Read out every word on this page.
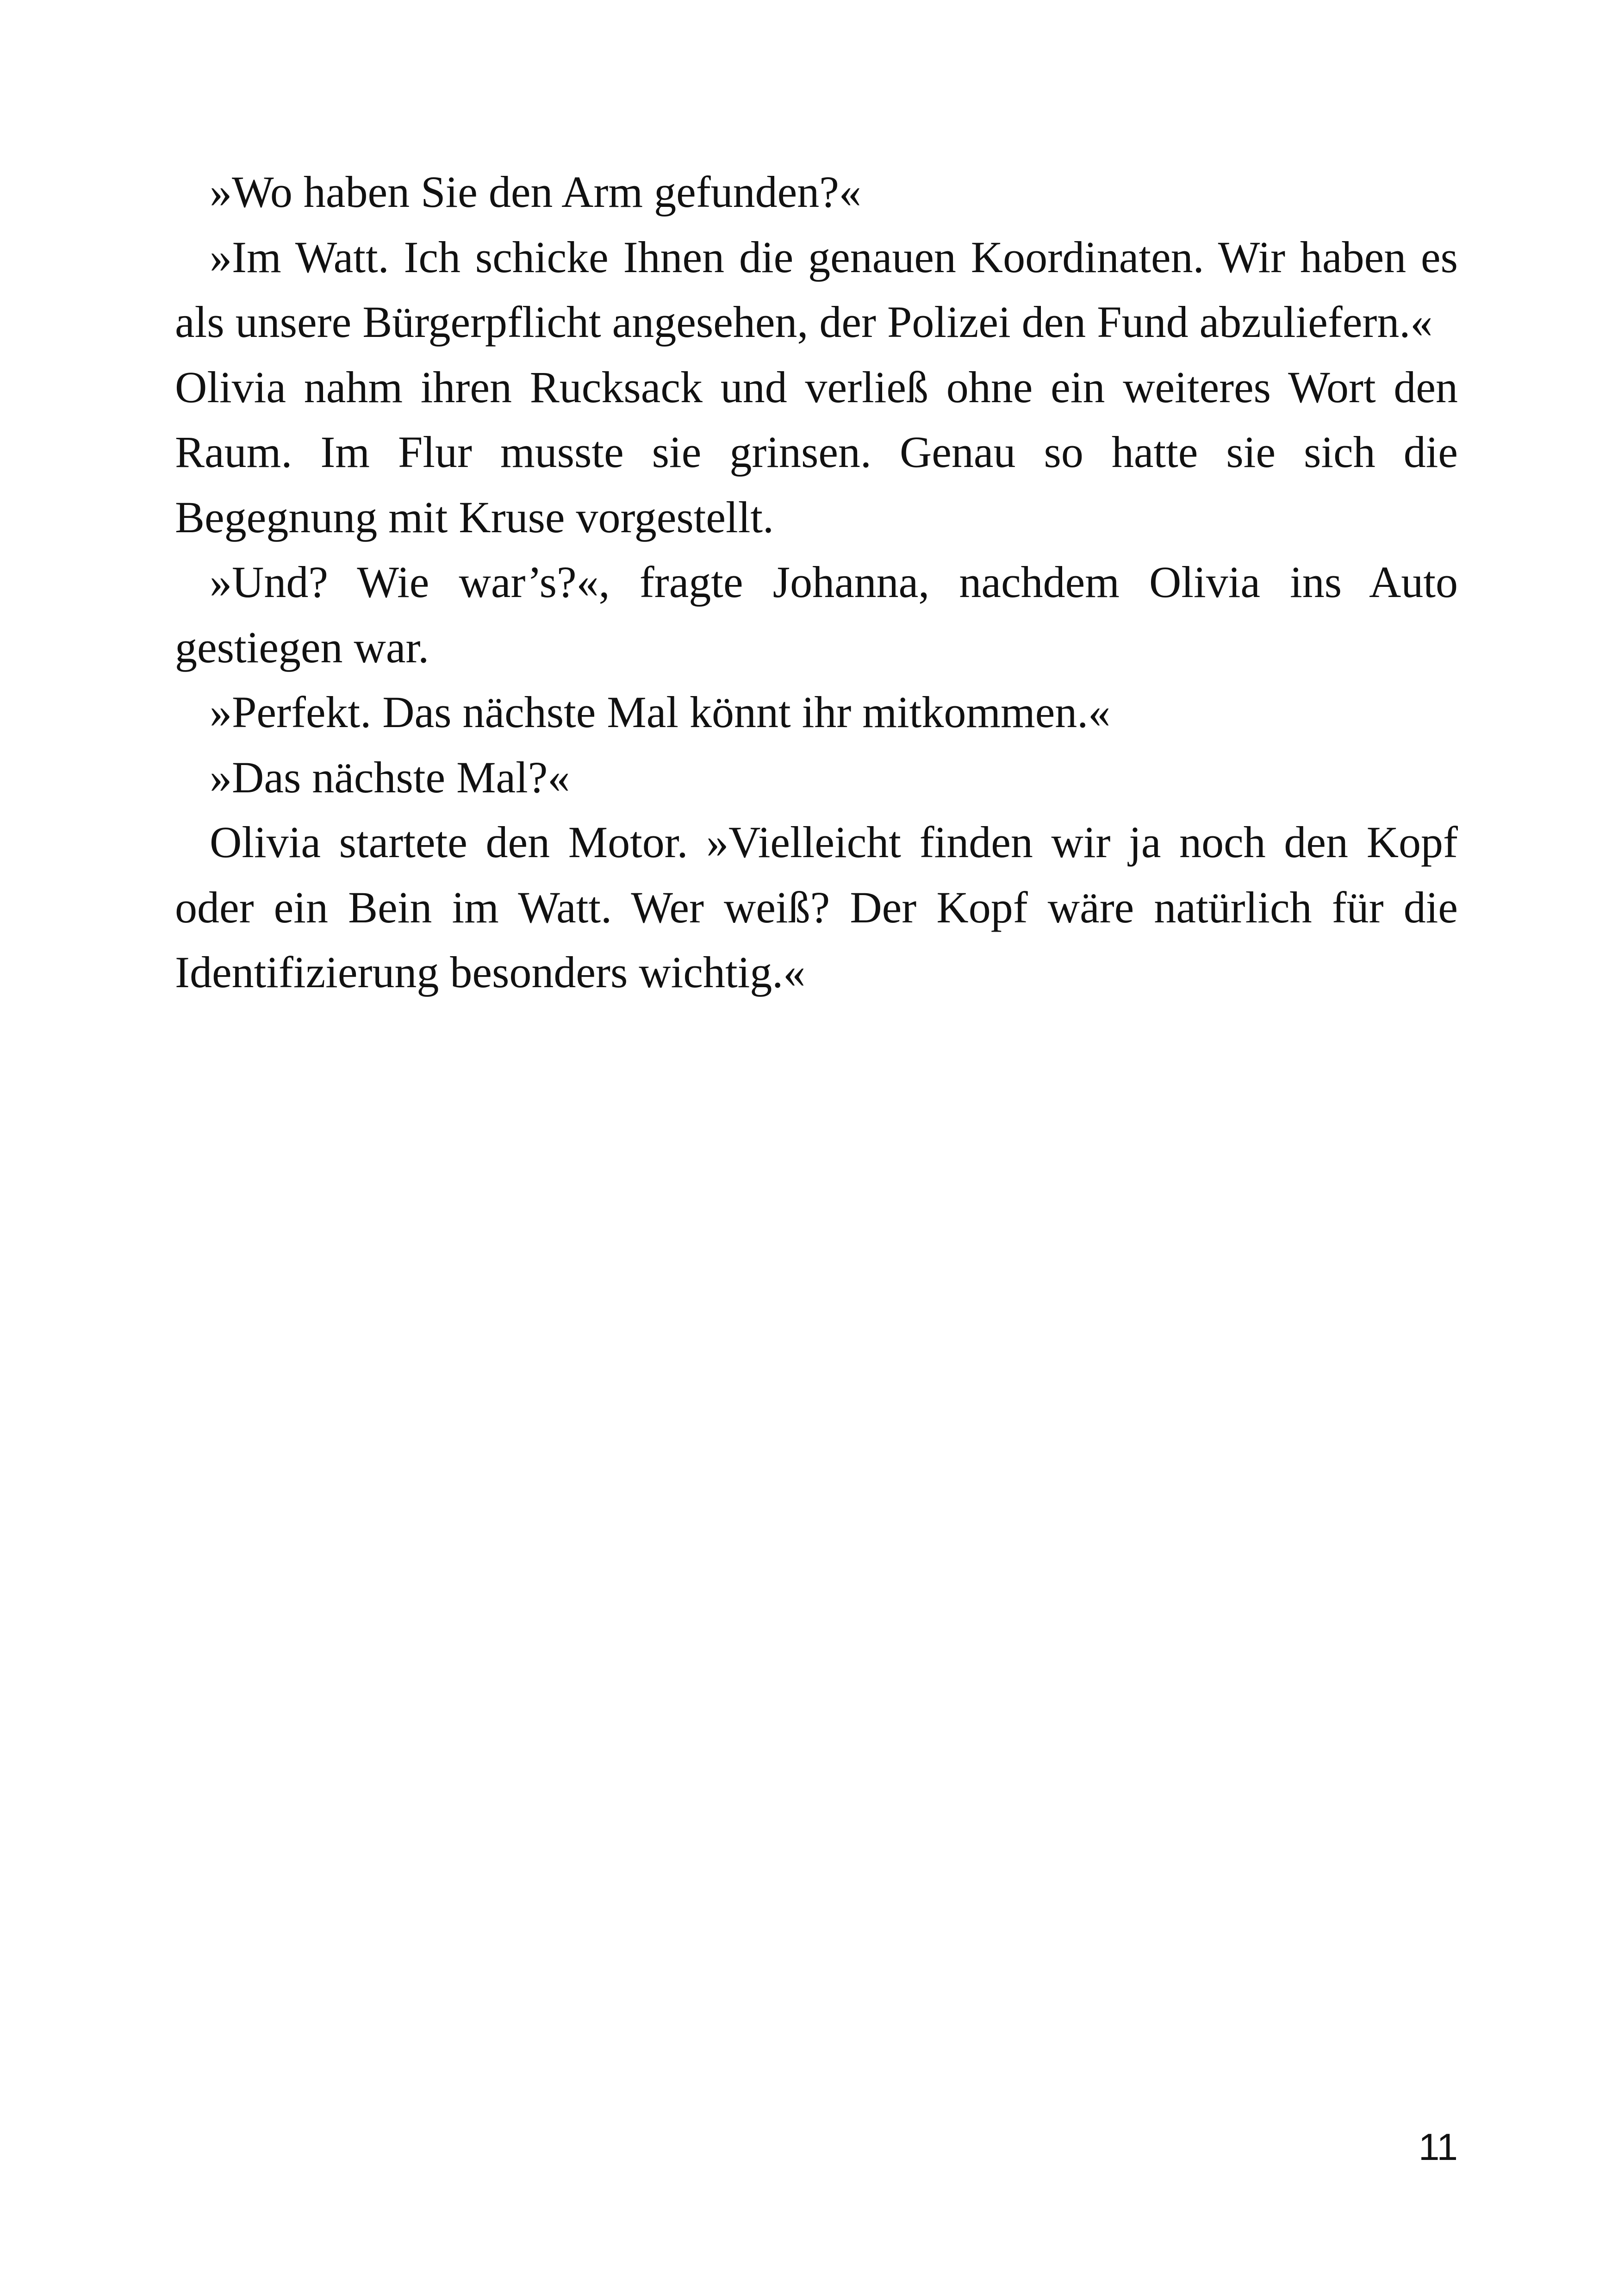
»Wo haben Sie den Arm gefunden?«

»Im Watt. Ich schicke Ihnen die genauen Koordinaten. Wir haben es als unsere Bürgerpflicht angesehen, der Polizei den Fund abzuliefern.«

Olivia nahm ihren Rucksack und verließ ohne ein weiteres Wort den Raum. Im Flur musste sie grinsen. Genau so hatte sie sich die Begegnung mit Kruse vorgestellt.

»Und? Wie war’s?«, fragte Johanna, nachdem Olivia ins Auto gestiegen war.

»Perfekt. Das nächste Mal könnt ihr mitkommen.«

»Das nächste Mal?«

Olivia startete den Motor. »Vielleicht finden wir ja noch den Kopf oder ein Bein im Watt. Wer weiß? Der Kopf wäre natürlich für die Identifizierung besonders wichtig.«

11
